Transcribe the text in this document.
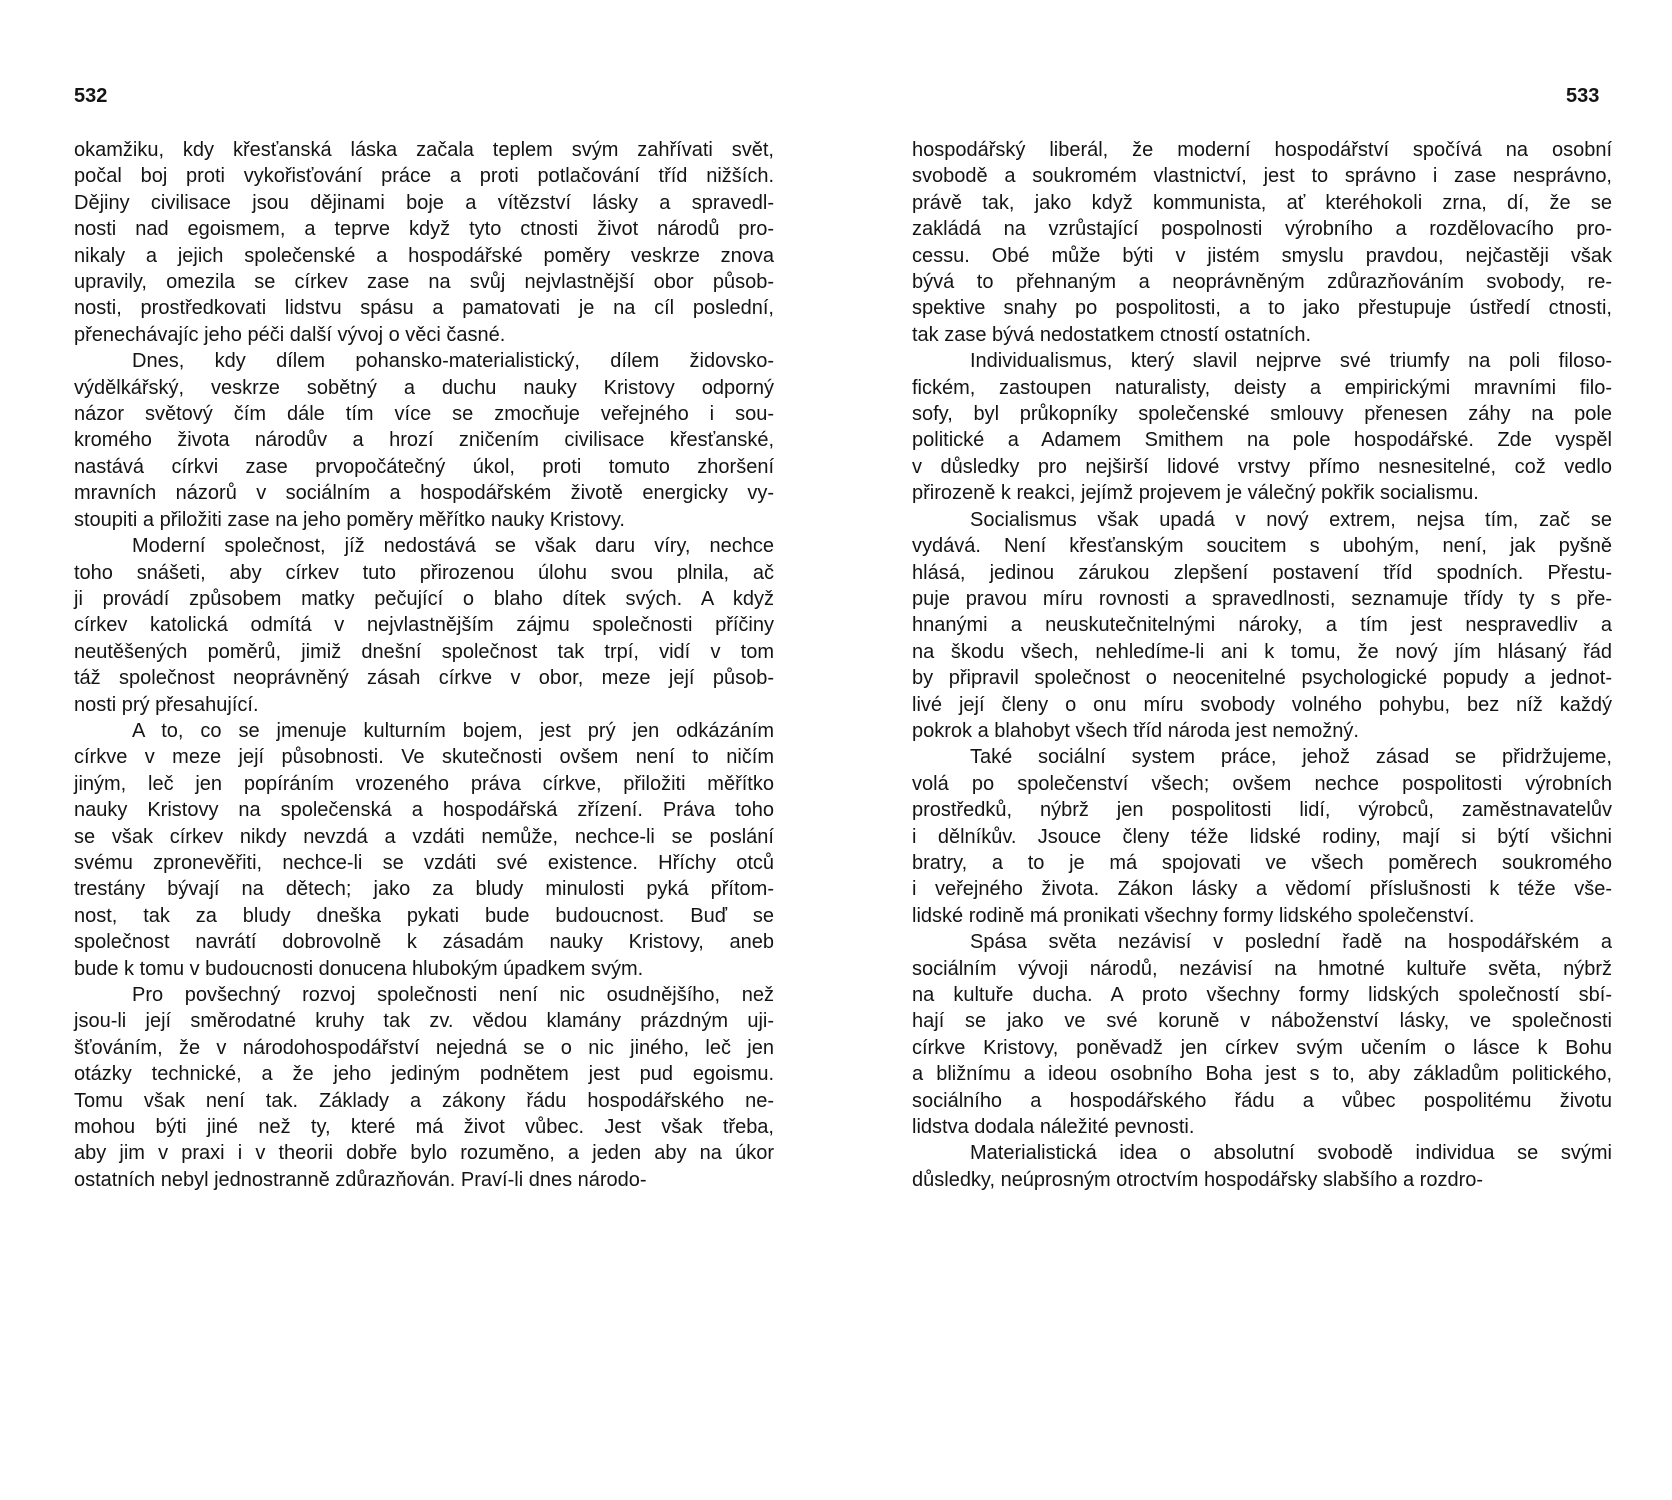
532	533

okamžiku, kdy křesťanská láska začala teplem svým zahřívati svět,
počal boj proti vykořisťování práce a proti potlačování tříd nižších.
Dějiny civilisace jsou dějinami boje a vítězství lásky a spravedl-
nosti nad egoismem, a teprve když tyto ctnosti život národů pro-
nikaly a jejich společenské a hospodářské poměry veskrze znova
upravily, omezila se církev zase na svůj nejvlastnější obor působ-
nosti, prostředkovati lidstvu spásu a pamatovati je na cíl poslední,
přenechávajíc jeho péči další vývoj o věci časné.

Dnes, kdy dílem pohansko-materialistický, dílem židovsko-
výdělkářský, veskrze sobětný a duchu nauky Kristovy odporný
názor světový čím dále tím více se zmocňuje veřejného i sou-
kromého života národův a hrozí zničením civilisace křesťanské,
nastává církvi zase prvopočátečný úkol, proti tomuto zhoršení
mravních názorů v sociálním a hospodářském životě energicky vy-
stoupiti a přiložiti zase na jeho poměry měřítko nauky Kristovy.

Moderní společnost, jíž nedostává se však daru víry, nechce
toho snášeti, aby církev tuto přirozenou úlohu svou plnila, ač
ji provádí způsobem matky pečující o blaho dítek svých. A když
církev katolická odmítá v nejvlastnějším zájmu společnosti příčiny
neutěšených poměrů, jimiž dnešní společnost tak trpí, vidí v tom
táž společnost neoprávněný zásah církve v obor, meze její působ-
nosti prý přesahující.

A to, co se jmenuje kulturním bojem, jest prý jen odkázáním
církve v meze její působnosti. Ve skutečnosti ovšem není to ničím
jiným, leč jen popíráním vrozeného práva církve, přiložiti měřítko
nauky Kristovy na společenská a hospodářská zřízení. Práva toho
se však církev nikdy nevzdá a vzdáti nemůže, nechce-li se poslání
svému zpronevěřiti, nechce-li se vzdáti své existence. Hříchy otců
trestány bývají na dětech; jako za bludy minulosti pyká přítom-
nost, tak za bludy dneška pykati bude budoucnost. Buď se
společnost navrátí dobrovolně k zásadám nauky Kristovy, aneb
bude k tomu v budoucnosti donucena hlubokým úpadkem svým.

Pro povšechný rozvoj společnosti není nic osudnějšího, než
jsou-li její směrodatné kruhy tak zv. vědou klamány prázdným uji-
šťováním, že v národohospodářství nejedná se o nic jiného, leč jen
otázky technické, a že jeho jediným podnětem jest pud egoismu.
Tomu však není tak. Základy a zákony řádu hospodářského ne-
mohou býti jiné než ty, které má život vůbec. Jest však třeba,
aby jim v praxi i v theorii dobře bylo rozuměno, a jeden aby na úkor
ostatních nebyl jednostranně zdůrazňován. Praví-li dnes národo-

hospodářský liberál, že moderní hospodářství spočívá na osobní
svobodě a soukromém vlastnictví, jest to správno i zase nesprávno,
právě tak, jako když kommunista, ať kteréhokoli zrna, dí, že se
zakládá na vzrůstající pospolnosti výrobního a rozdělovacího pro-
cessu. Obé může býti v jistém smyslu pravdou, nejčastěji však
bývá to přehnaným a neoprávněným zdůrazňováním svobody, re-
spektive snahy po pospolitosti, a to jako přestupuje ústředí ctnosti,
tak zase bývá nedostatkem ctností ostatních.

Individualismus, který slavil nejprve své triumfy na poli filoso-
fickém, zastoupen naturalisty, deisty a empirickými mravními filo-
sofy, byl průkopníky společenské smlouvy přenesen záhy na pole
politické a Adamem Smithem na pole hospodářské. Zde vyspěl
v důsledky pro nejširší lidové vrstvy přímo nesnesitelné, což vedlo
přirozeně k reakci, jejímž projevem je válečný pokřik socialismu.

Socialismus však upadá v nový extrem, nejsa tím, zač se
vydává. Není křesťanským soucitem s ubohým, není, jak pyšně
hlásá, jedinou zárukou zlepšení postavení tříd spodních. Přestu-
puje pravou míru rovnosti a spravedlnosti, seznamuje třídy ty s pře-
hnanými a neuskutečnitelnými nároky, a tím jest nespravedliv a
na škodu všech, nehledíme-li ani k tomu, že nový jím hlásaný řád
by připravil společnost o neocenitelné psychologické popudy a jednot-
livé její členy o onu míru svobody volného pohybu, bez níž každý
pokrok a blahobyt všech tříd národa jest nemožný.

Také sociální system práce, jehož zásad se přidržujeme,
volá po společenství všech; ovšem nechce pospolitosti výrobních
prostředků, nýbrž jen pospolitosti lidí, výrobců, zaměstnavatelův
i dělníkův. Jsouce členy téže lidské rodiny, mají si býtí všichni
bratry, a to je má spojovati ve všech poměrech soukromého
i veřejného života. Zákon lásky a vědomí příslušnosti k téže vše-
lidské rodině má pronikati všechny formy lidského společenství.

Spása světa nezávisí v poslední řadě na hospodářském a
sociálním vývoji národů, nezávisí na hmotné kultuře světa, nýbrž
na kultuře ducha. A proto všechny formy lidských společností sbí-
hají se jako ve své koruně v náboženství lásky, ve společnosti
církve Kristovy, poněvadž jen církev svým učením o lásce k Bohu
a bližnímu a ideou osobního Boha jest s to, aby základům politického,
sociálního a hospodářského řádu a vůbec pospolitému životu
lidstva dodala náležité pevnosti.

Materialistická idea o absolutní svobodě individua se svými
důsledky, neúprosným otroctvím hospodářsky slabšího a rozdro-
